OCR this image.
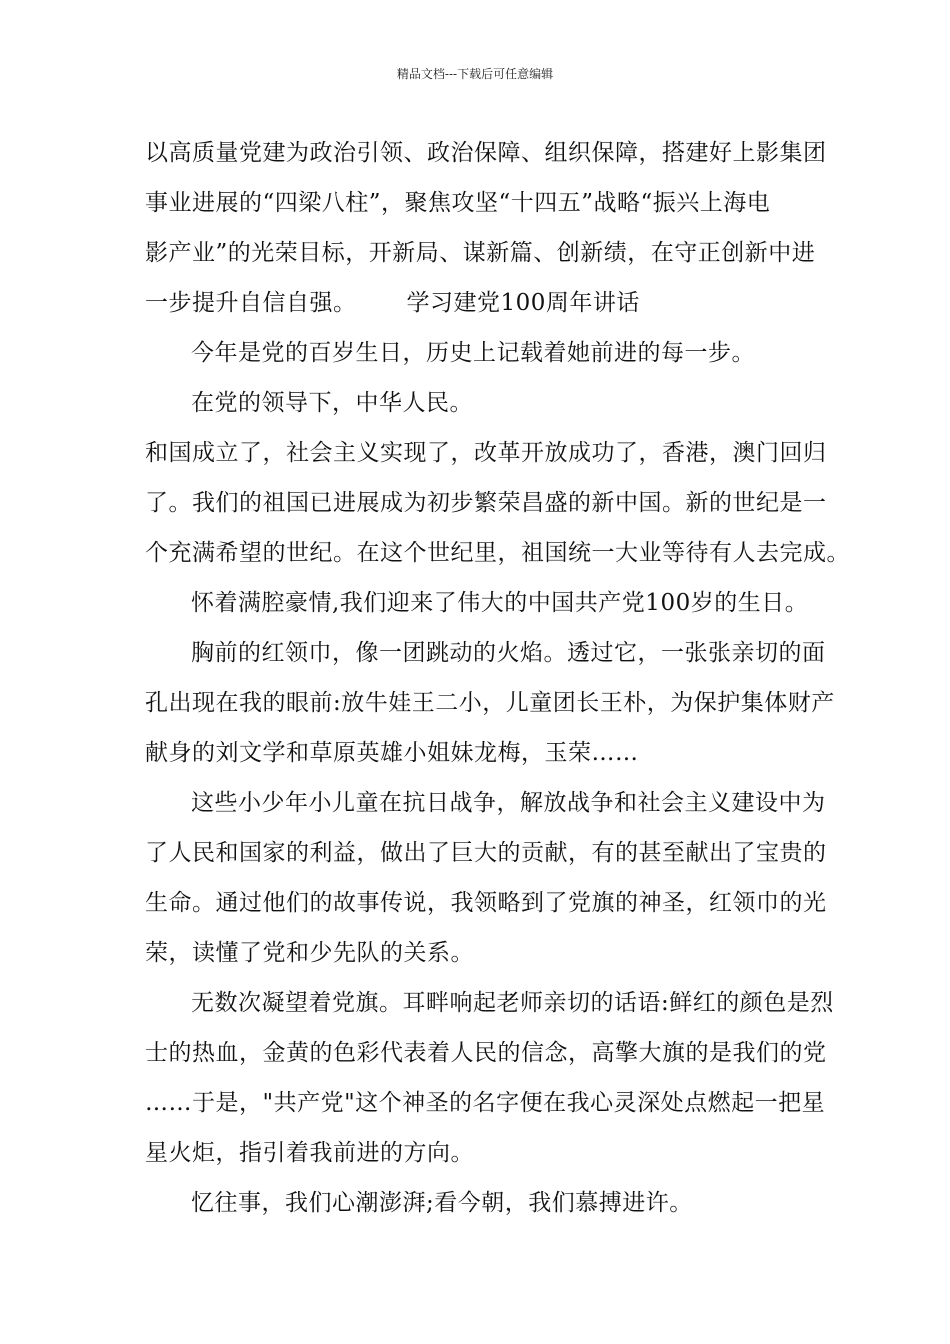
精品文档---下载后可任意编辑
以高质量党建为政治引领、政治保障、组织保障，搭建好上影集团
事业进展的“四梁八柱”，聚焦攻坚“十四五”战略“振兴上海电
影产业”的光荣目标，开新局、谋新篇、创新绩，在守正创新中进
一步提升自信自强。 学习建党100周年讲话
今年是党的百岁生日，历史上记载着她前进的每一步。
在党的领导下，中华人民。
和国成立了，社会主义实现了，改革开放成功了，香港，澳门回归
了。我们的祖国已进展成为初步繁荣昌盛的新中国。新的世纪是一
个充满希望的世纪。在这个世纪里，祖国统一大业等待有人去完成。
怀着满腔豪情,我们迎来了伟大的中国共产党100岁的生日。
胸前的红领巾，像一团跳动的火焰。透过它，一张张亲切的面
孔出现在我的眼前:放牛娃王二小，儿童团长王朴，为保护集体财产
献身的刘文学和草原英雄小姐妹龙梅，玉荣……
这些小少年小儿童在抗日战争，解放战争和社会主义建设中为
了人民和国家的利益，做出了巨大的贡献，有的甚至献出了宝贵的
生命。通过他们的故事传说，我领略到了党旗的神圣，红领巾的光
荣，读懂了党和少先队的关系。
无数次凝望着党旗。耳畔响起老师亲切的话语:鲜红的颜色是烈
士的热血，金黄的色彩代表着人民的信念，高擎大旗的是我们的党
……于是，"共产党"这个神圣的名字便在我心灵深处点燃起一把星
星火炬，指引着我前进的方向。
忆往事，我们心潮澎湃;看今朝，我们慕搏进许。
